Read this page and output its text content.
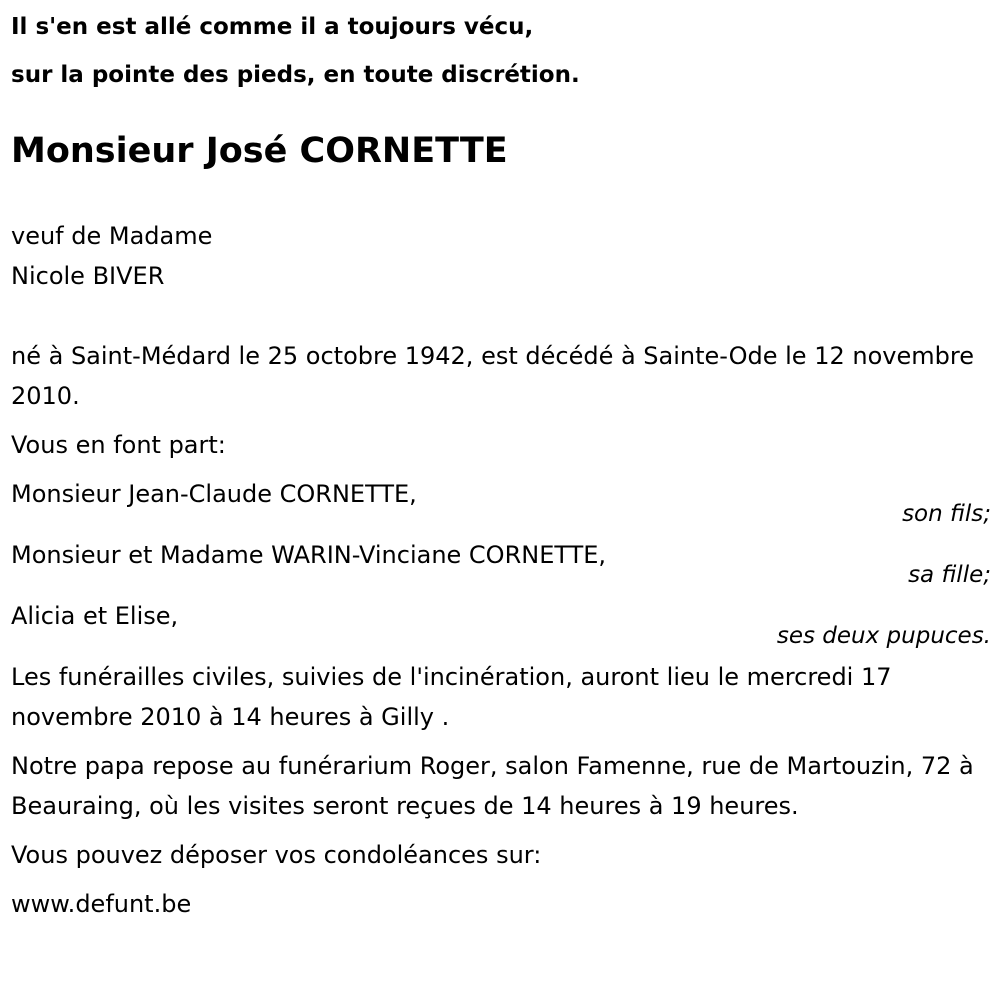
Il s'en est allé comme il a toujours vécu,
sur la pointe des pieds, en toute discrétion.
Monsieur José CORNETTE
veuf de Madame
Nicole BIVER
né à Saint-Médard le 25 octobre 1942, est décédé à Sainte-Ode le 12 novembre 2010.
Vous en font part:
Monsieur Jean-Claude CORNETTE,
son fils;
Monsieur et Madame WARIN-Vinciane CORNETTE,
sa fille;
Alicia et Elise,
ses deux pupuces.
Les funérailles civiles, suivies de l'incinération, auront lieu le mercredi 17 novembre 2010 à 14 heures à Gilly .
Notre papa repose au funérarium Roger, salon Famenne, rue de Martouzin, 72 à Beauraing, où les visites seront reçues de 14 heures à 19 heures.
Vous pouvez déposer vos condoléances sur:
www.defunt.be
